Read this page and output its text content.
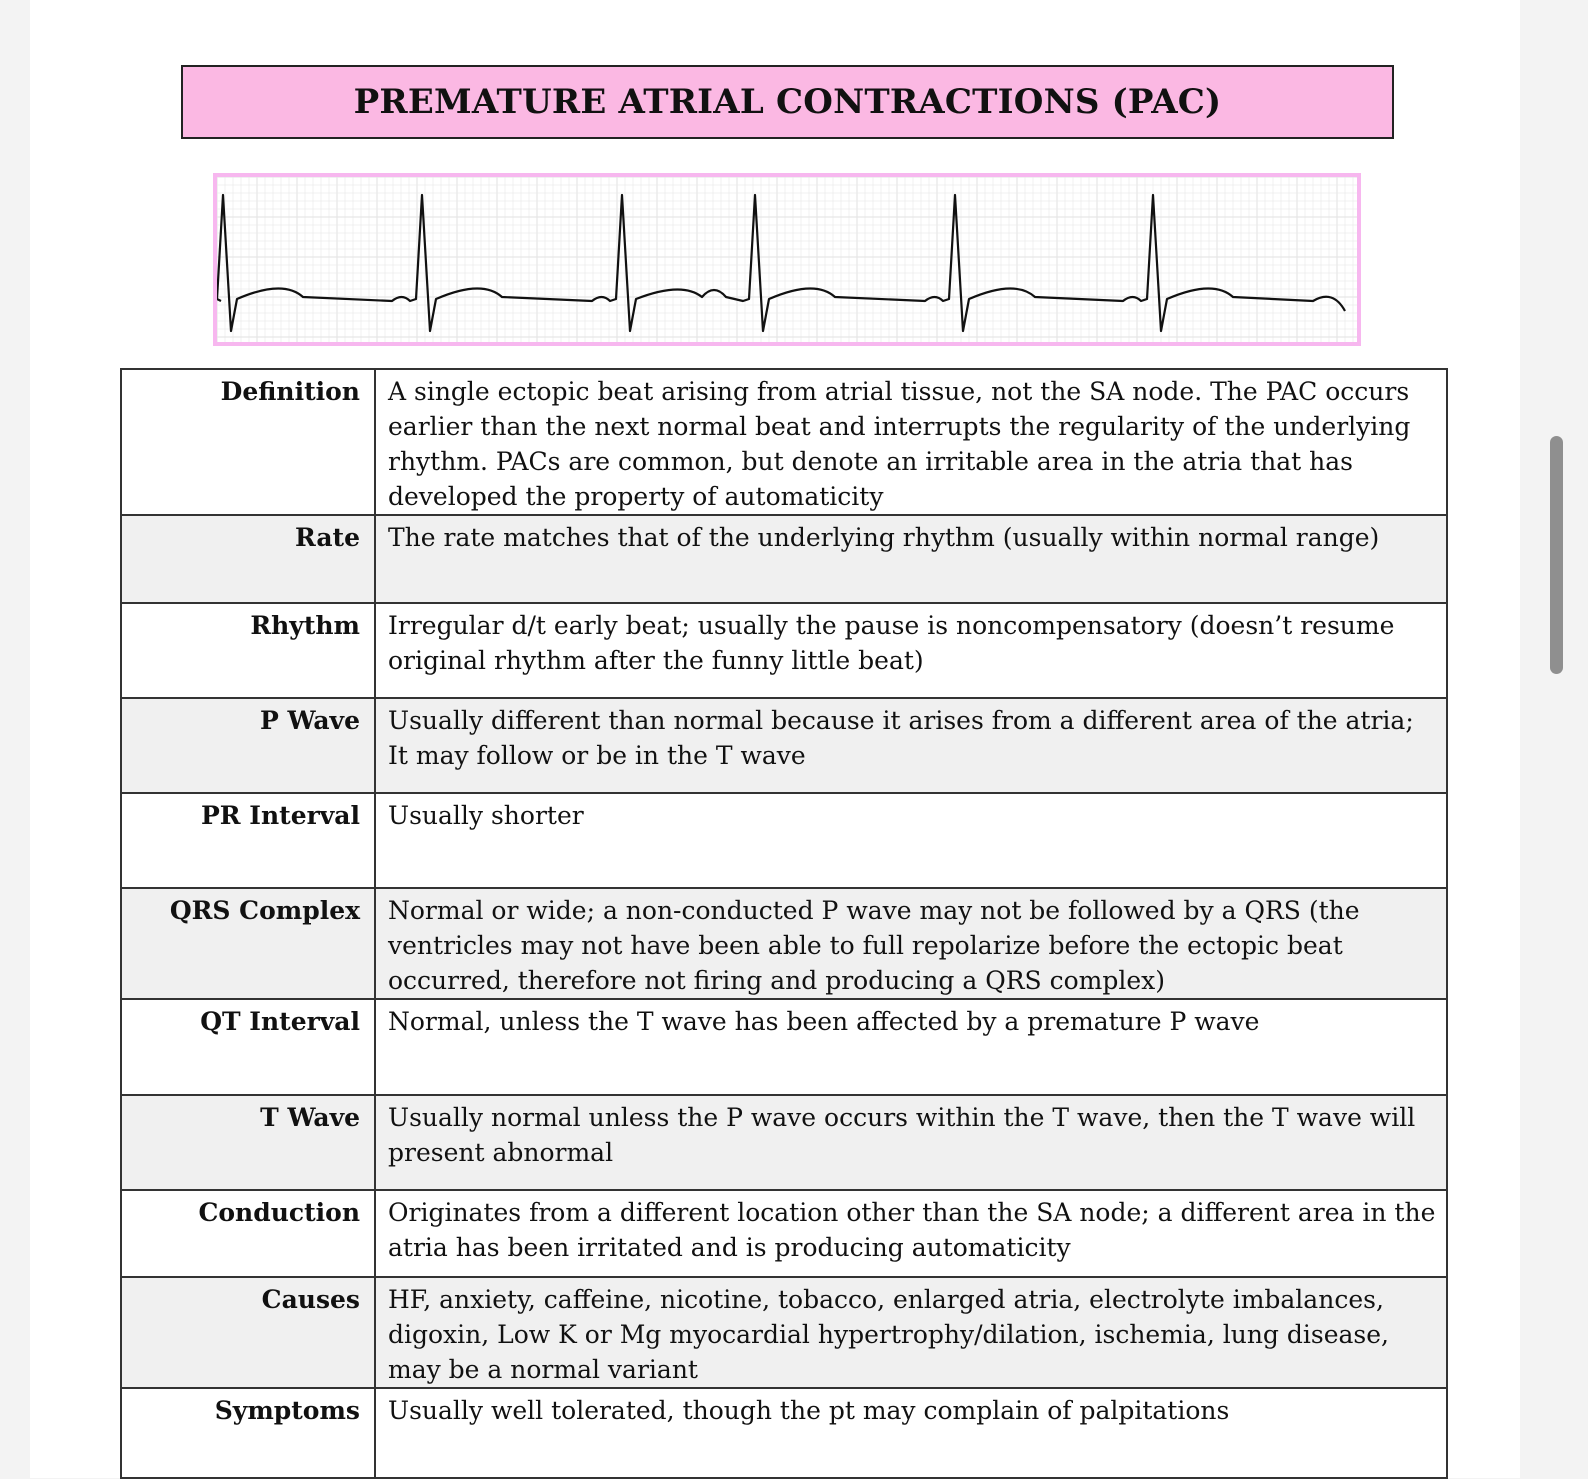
PREMATURE ATRIAL CONTRACTIONS (PAC)
Definition	A single ectopic beat arising from atrial tissue, not the SA node. The PAC occurs earlier than the next normal beat and interrupts the regularity of the underlying rhythm. PACs are common, but denote an irritable area in the atria that has developed the property of automaticity
Rate	The rate matches that of the underlying rhythm (usually within normal range)
Rhythm	Irregular d/t early beat; usually the pause is noncompensatory (doesn’t resume original rhythm after the funny little beat)
P Wave	Usually different than normal because it arises from a different area of the atria; It may follow or be in the T wave
PR Interval	Usually shorter
QRS Complex	Normal or wide; a non-conducted P wave may not be followed by a QRS (the ventricles may not have been able to full repolarize before the ectopic beat occurred, therefore not firing and producing a QRS complex)
QT Interval	Normal, unless the T wave has been affected by a premature P wave
T Wave	Usually normal unless the P wave occurs within the T wave, then the T wave will present abnormal
Conduction	Originates from a different location other than the SA node; a different area in the atria has been irritated and is producing automaticity
Causes	HF, anxiety, caffeine, nicotine, tobacco, enlarged atria, electrolyte imbalances, digoxin, Low K or Mg myocardial hypertrophy/dilation, ischemia, lung disease, may be a normal variant
Symptoms	Usually well tolerated, though the pt may complain of palpitations
